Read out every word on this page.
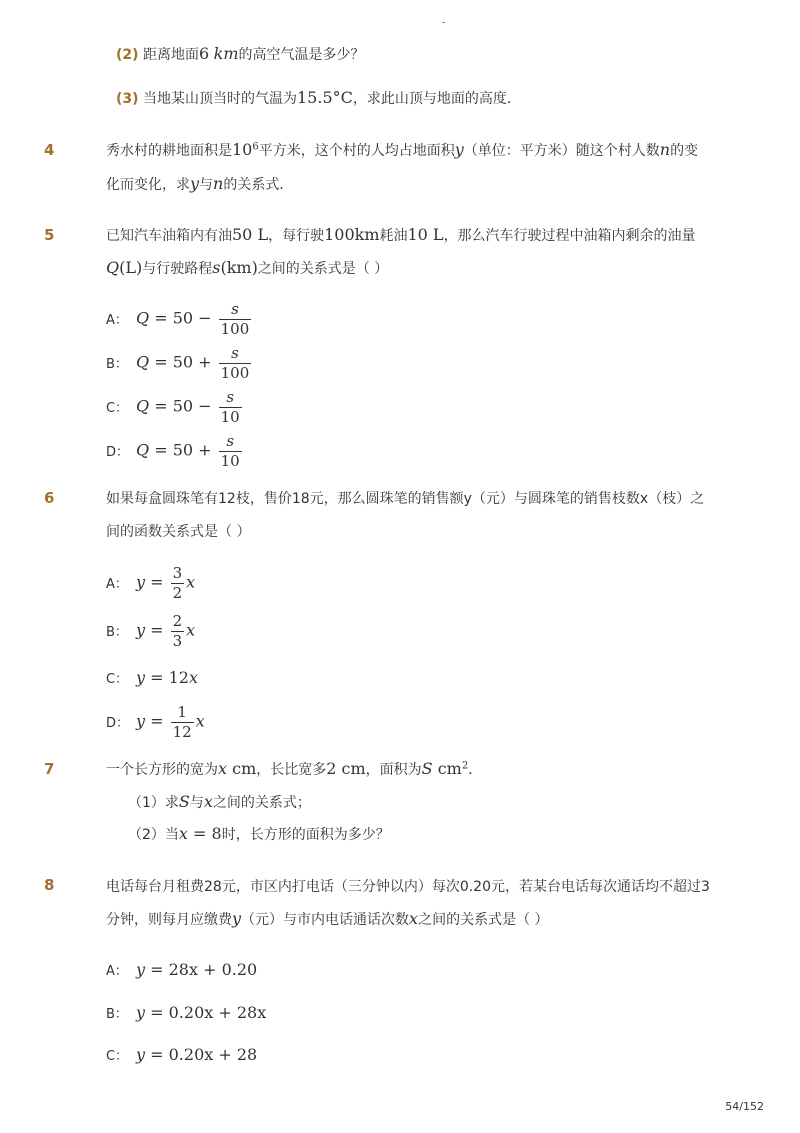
(2) 距离地面6 km的高空气温是多少？
(3) 当地某山顶当时的气温为15.5°C，求此山顶与地面的高度．
4	秀水村的耕地面积是$10^6$平方米，这个村的人均占地面积y（单位：平方米）随这个村人数n的变
化而变化，求y与n的关系式．
5	已知汽车油箱内有油50 L，每行驶100km耗油10 L，那么汽车行驶过程中油箱内剩余的油量
Q(L)与行驶路程s(km)之间的关系式是（ ）
A： $Q = 50 - \frac{s}{100}$
B： $Q = 50 + \frac{s}{100}$
C： $Q = 50 - \frac{s}{10}$
D： $Q = 50 + \frac{s}{10}$
6	如果每盒圆珠笔有12枝，售价18元，那么圆珠笔的销售额y（元）与圆珠笔的销售枝数x（枝）之
间的函数关系式是（ ）
A： $y = \frac{3}{2}$ x
B： $y = \frac{2}{3}$ x
C： y = 12x
D： $y = \frac{1}{12}$ x
7	一个长方形的宽为x cm，长比宽多2 cm，面积为S $cm^2$．
（1）求S与x之间的关系式；
（2）当x = 8时，长方形的面积为多少？
8	电话每台月租费28元，市区内打电话（三分钟以内）每次0.20元，若某台电话每次通话均不超过3
分钟，则每月应缴费y（元）与市内电话通话次数x之间的关系式是（ ）
A： y = 28x + 0.20
B： y = 0.20x + 28x
C： y = 0.20x + 28
54/152
